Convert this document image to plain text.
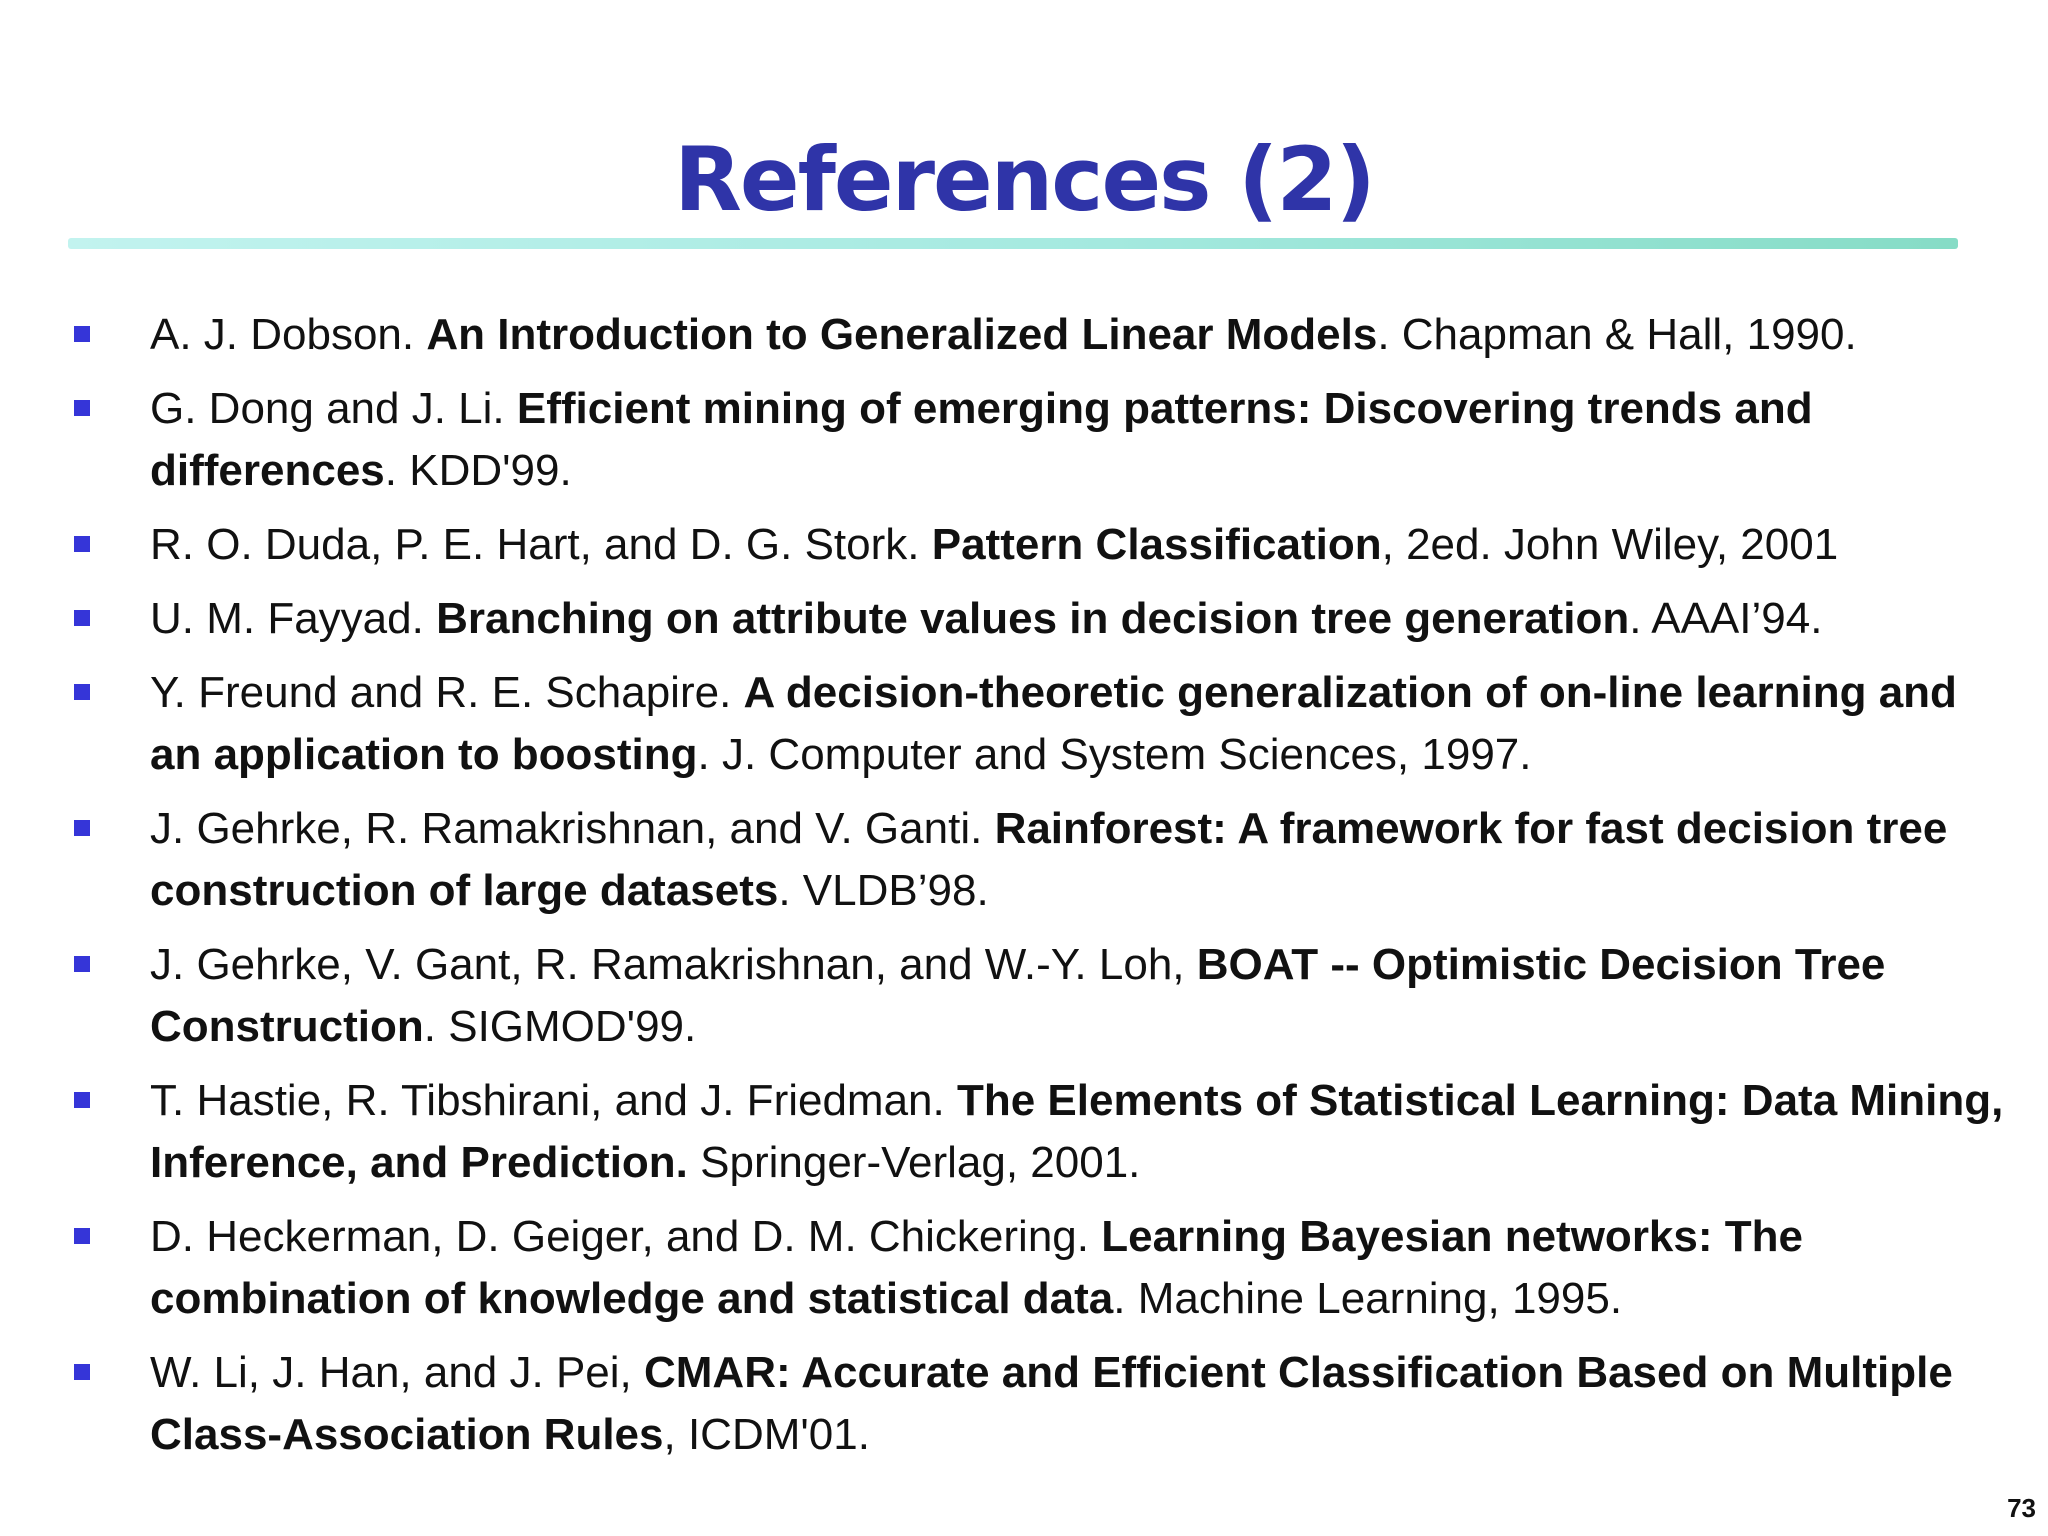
References (2)
A. J. Dobson. An Introduction to Generalized Linear Models. Chapman & Hall, 1990.
G. Dong and J. Li. Efficient mining of emerging patterns: Discovering trends and differences. KDD'99.
R. O. Duda, P. E. Hart, and D. G. Stork. Pattern Classification, 2ed. John Wiley, 2001
U. M. Fayyad. Branching on attribute values in decision tree generation. AAAI’94.
Y. Freund and R. E. Schapire. A decision-theoretic generalization of on-line learning and an application to boosting. J. Computer and System Sciences, 1997.
J. Gehrke, R. Ramakrishnan, and V. Ganti. Rainforest: A framework for fast decision tree construction of large datasets. VLDB’98.
J. Gehrke, V. Gant, R. Ramakrishnan, and W.-Y. Loh, BOAT -- Optimistic Decision Tree Construction. SIGMOD'99.
T. Hastie, R. Tibshirani, and J. Friedman. The Elements of Statistical Learning: Data Mining, Inference, and Prediction. Springer-Verlag, 2001.
D. Heckerman, D. Geiger, and D. M. Chickering. Learning Bayesian networks: The combination of knowledge and statistical data. Machine Learning, 1995.
W. Li, J. Han, and J. Pei, CMAR: Accurate and Efficient Classification Based on Multiple Class-Association Rules, ICDM'01.
73
